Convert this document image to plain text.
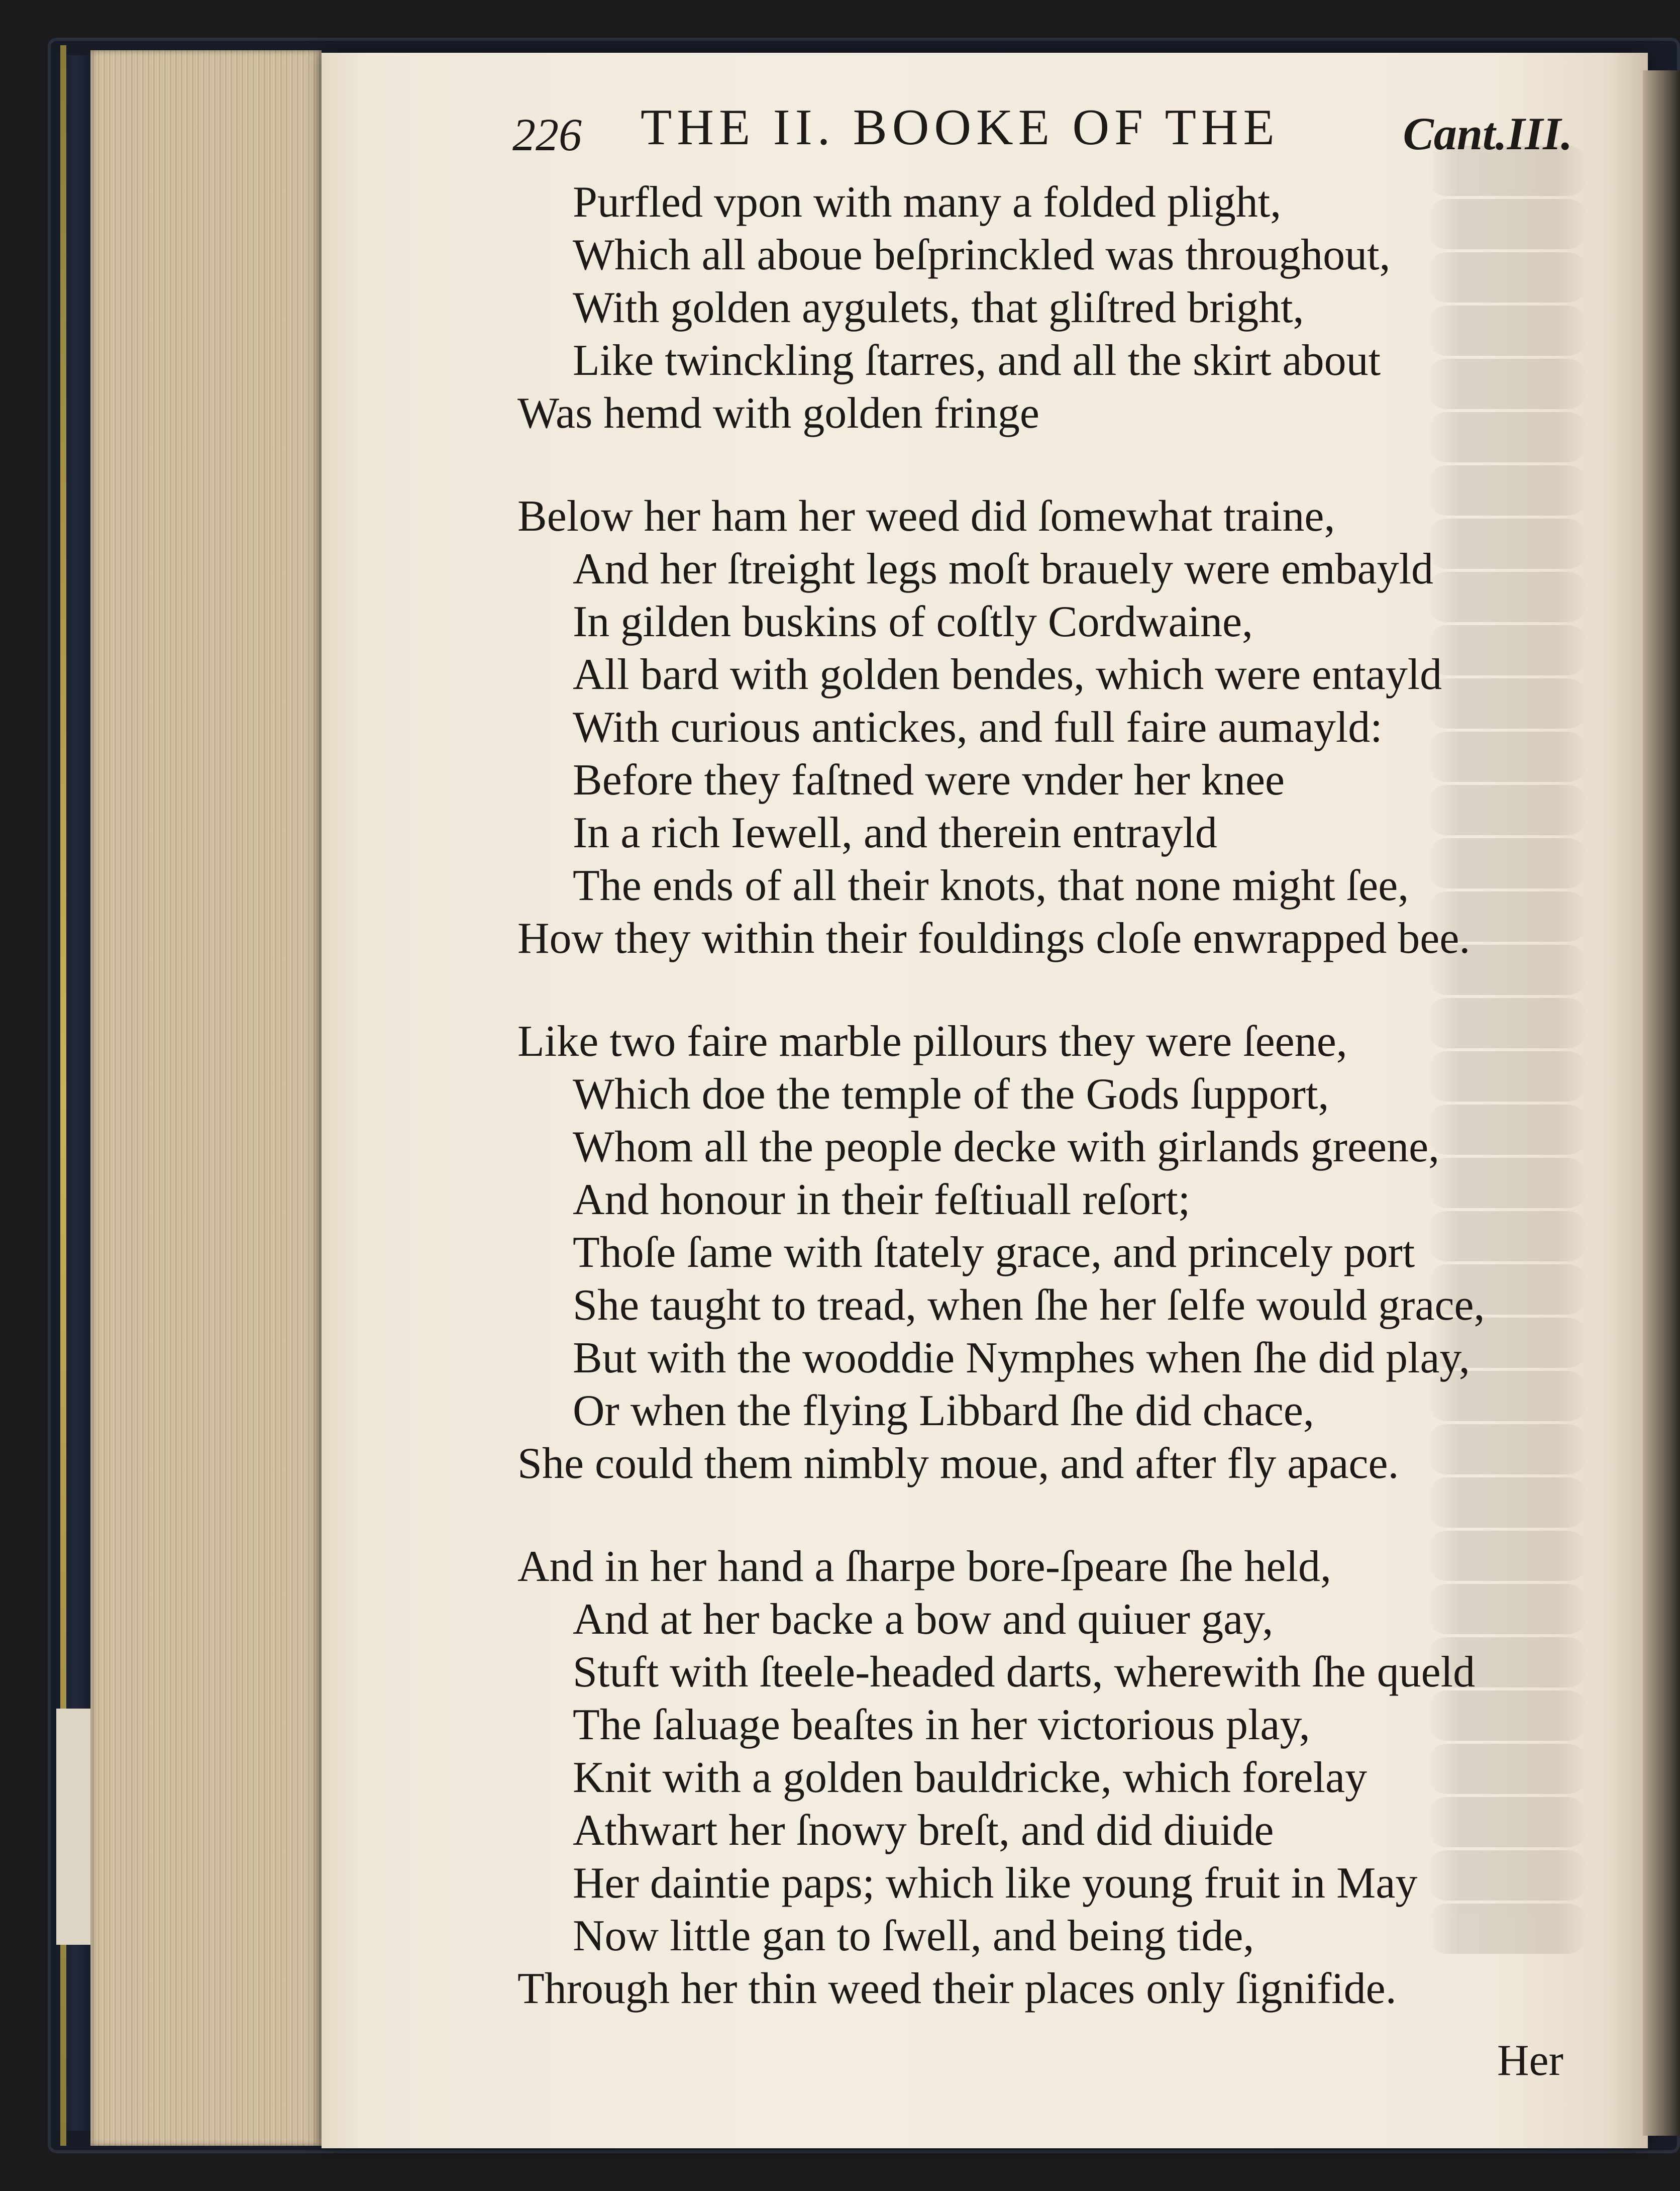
226 THE II. BOOKE OF THE	Cant.III.
Purfled vpon with many a folded plight,
Which all aboue beſprinckled was throughout,
With golden aygulets, that gliſtred bright,
Like twinckling ſtarres, and all the skirt about
Was hemd with golden fringe
Below her ham her weed did ſomewhat traine,
And her ſtreight legs moſt brauely were embayld
In gilden buskins of coſtly Cordwaine,
All bard with golden bendes, which were entayld
With curious antickes, and full faire aumayld:
Before they faſtned were vnder her knee
In a rich Iewell, and therein entrayld
The ends of all their knots, that none might ſee,
How they within their fouldings cloſe enwrapped bee.
Like two faire marble pillours they were ſeene,
Which doe the temple of the Gods ſupport,
Whom all the people decke with girlands greene,
And honour in their feſtiuall reſort;
Thoſe ſame with ſtately grace, and princely port
She taught to tread, when ſhe her ſelfe would grace,
But with the wooddie Nymphes when ſhe did play,
Or when the flying Libbard ſhe did chace,
She could them nimbly moue, and after fly apace.
And in her hand a ſharpe bore-ſpeare ſhe held,
And at her backe a bow and quiuer gay,
Stuft with ſteele-headed darts, wherewith ſhe queld
The ſaluage beaſtes in her victorious play,
Knit with a golden bauldricke, which forelay
Athwart her ſnowy breſt, and did diuide
Her daintie paps; which like young fruit in May
Now little gan to ſwell, and being tide,
Through her thin weed their places only ſignifide.
Her
